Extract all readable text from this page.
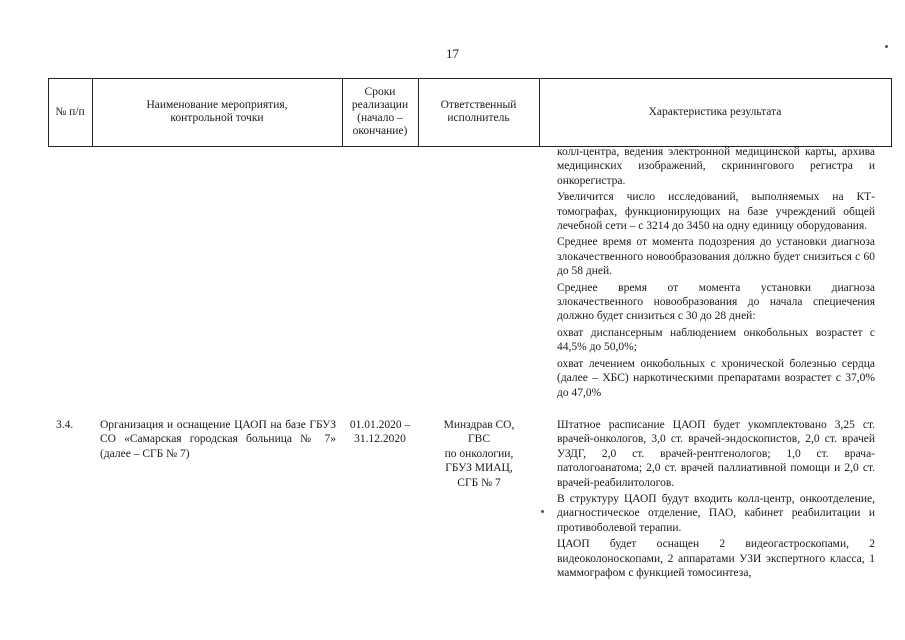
17
№ п/п
Наименование мероприятия,
контрольной точки
Сроки
реализации
(начало –
окончание)
Ответственный
исполнитель
Характеристика результата

колл-центра, ведения электронной медицинской карты, архива медицинских изображений, скринингового регистра и онкорегистра.

Увеличится число исследований, выполняемых на КТ-томографах, функционирующих на базе учреждений общей лечебной сети – с 3214 до 3450 на одну единицу оборудования.

Среднее время от момента подозрения до установки диагноза злокачественного новообразования должно будет снизиться с 60 до 58 дней.

Среднее время от момента установки диагноза злокачественного новообразования до начала специечения должно будет снизиться с 30 до 28 дней:

охват диспансерным наблюдением онкобольных возрастет с 44,5% до 50,0%;

охват лечением онкобольных с хронической болезнью сердца (далее – ХБС) наркотическими препаратами возрастет с 37,0% до 47,0%

3.4.	Организация и оснащение ЦАОП на базе ГБУЗ СО «Самарская городская больница № 7» (далее – СГБ № 7)
01.01.2020 –
31.12.2020
Минздрав СО,
ГВС
по онкологии,
ГБУЗ МИАЦ,
СГБ № 7

Штатное расписание ЦАОП будет укомплектовано 3,25 ст. врачей-онкологов, 3,0 ст. врачей-эндоскопистов, 2,0 ст. врачей УЗДГ, 2,0 ст. врачей-рентгенологов; 1,0 ст. врача-патологоанатома; 2,0 ст. врачей паллиативной помощи и 2,0 ст. врачей-реабилитологов.

В структуру ЦАОП будут входить колл-центр, онкоотделение, диагностическое отделение, ПАО, кабинет реабилитации и противоболевой терапии.

ЦАОП будет оснащен 2 видеогастроскопами, 2 видеоколоноскопами, 2 аппаратами УЗИ экспертного класса, 1 маммографом с функцией томосинтеза,
